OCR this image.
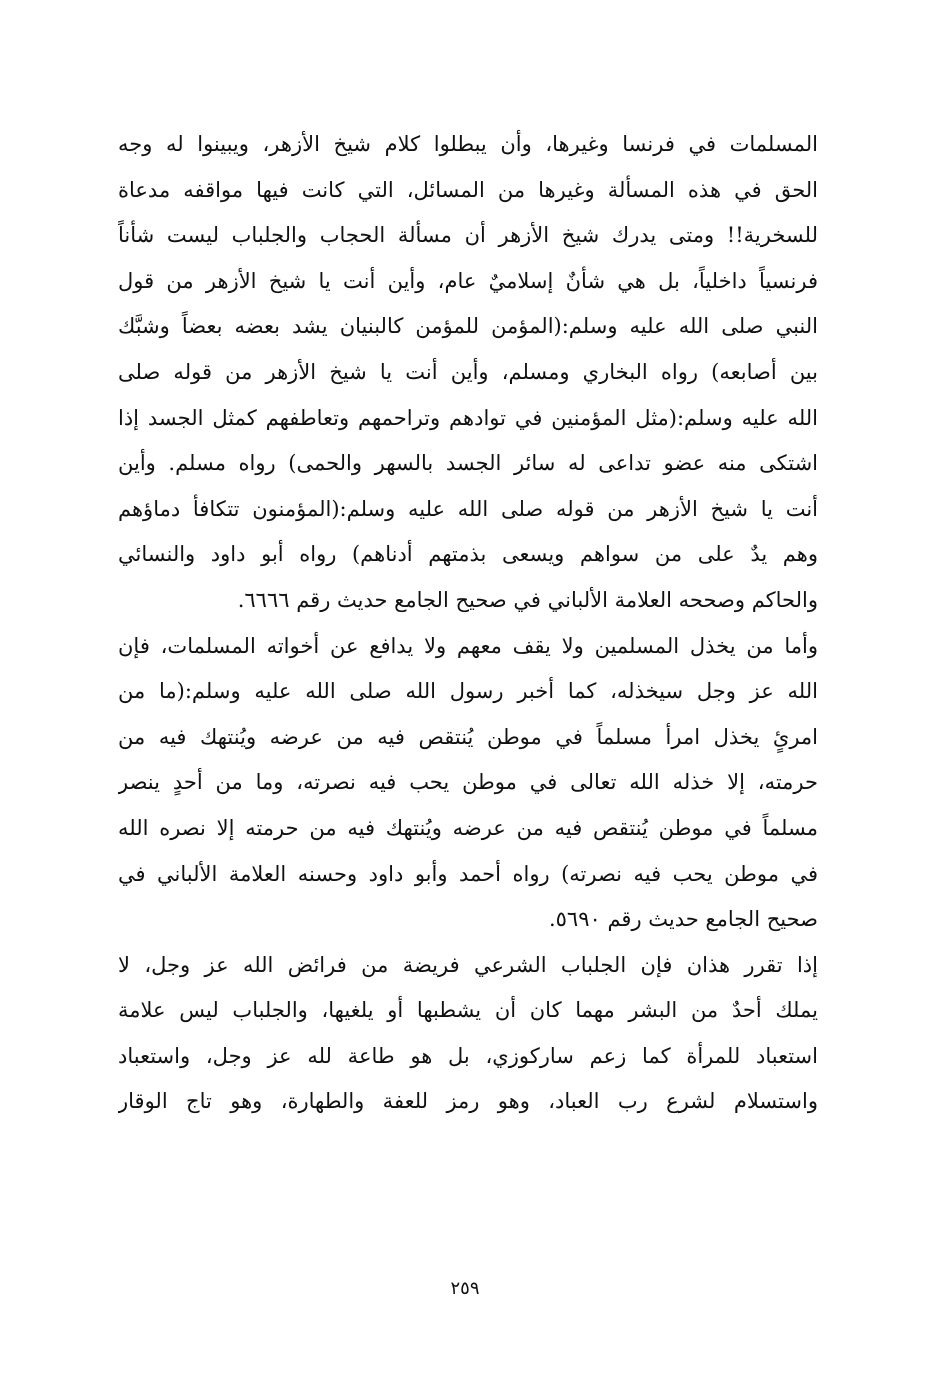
المسلمات في فرنسا وغيرها، وأن يبطلوا كلام شيخ الأزهر، ويبينوا له وجه
الحق في هذه المسألة وغيرها من المسائل، التي كانت فيها مواقفه مدعاة
للسخرية!! ومتى يدرك شيخ الأزهر أن مسألة الحجاب والجلباب ليست شأناً
فرنسياً داخلياً، بل هي شأنٌ إسلاميٌ عام، وأين أنت يا شيخ الأزهر من قول
النبي صلى الله عليه وسلم:(المؤمن للمؤمن كالبنيان يشد بعضه بعضاً وشبَّك
بين أصابعه) رواه البخاري ومسلم، وأين أنت يا شيخ الأزهر من قوله صلى
الله عليه وسلم:(مثل المؤمنين في توادهم وتراحمهم وتعاطفهم كمثل الجسد إذا
اشتكى منه عضو تداعى له سائر الجسد بالسهر والحمى) رواه مسلم. وأين
أنت يا شيخ الأزهر من قوله صلى الله عليه وسلم:(المؤمنون تتكافأ دماؤهم
وهم يدٌ على من سواهم ويسعى بذمتهم أدناهم) رواه أبو داود والنسائي
والحاكم وصححه العلامة الألباني في صحيح الجامع حديث رقم ٦٦٦٦.
وأما من يخذل المسلمين ولا يقف معهم ولا يدافع عن أخواته المسلمات، فإن
الله عز وجل سيخذله، كما أخبر رسول الله صلى الله عليه وسلم:(ما من
امرئٍ يخذل امرأ مسلماً في موطن يُنتقص فيه من عرضه ويُنتهك فيه من
حرمته، إلا خذله الله تعالى في موطن يحب فيه نصرته، وما من أحدٍ ينصر
مسلماً في موطن يُنتقص فيه من عرضه ويُنتهك فيه من حرمته إلا نصره الله
في موطن يحب فيه نصرته) رواه أحمد وأبو داود وحسنه العلامة الألباني في
صحيح الجامع حديث رقم ٥٦٩٠.
إذا تقرر هذان فإن الجلباب الشرعي فريضة من فرائض الله عز وجل، لا
يملك أحدٌ من البشر مهما كان أن يشطبها أو يلغيها، والجلباب ليس علامة
استعباد للمرأة كما زعم ساركوزي، بل هو طاعة لله عز وجل، واستعباد
واستسلام لشرع رب العباد، وهو رمز للعفة والطهارة، وهو تاج الوقار
٢٥٩
